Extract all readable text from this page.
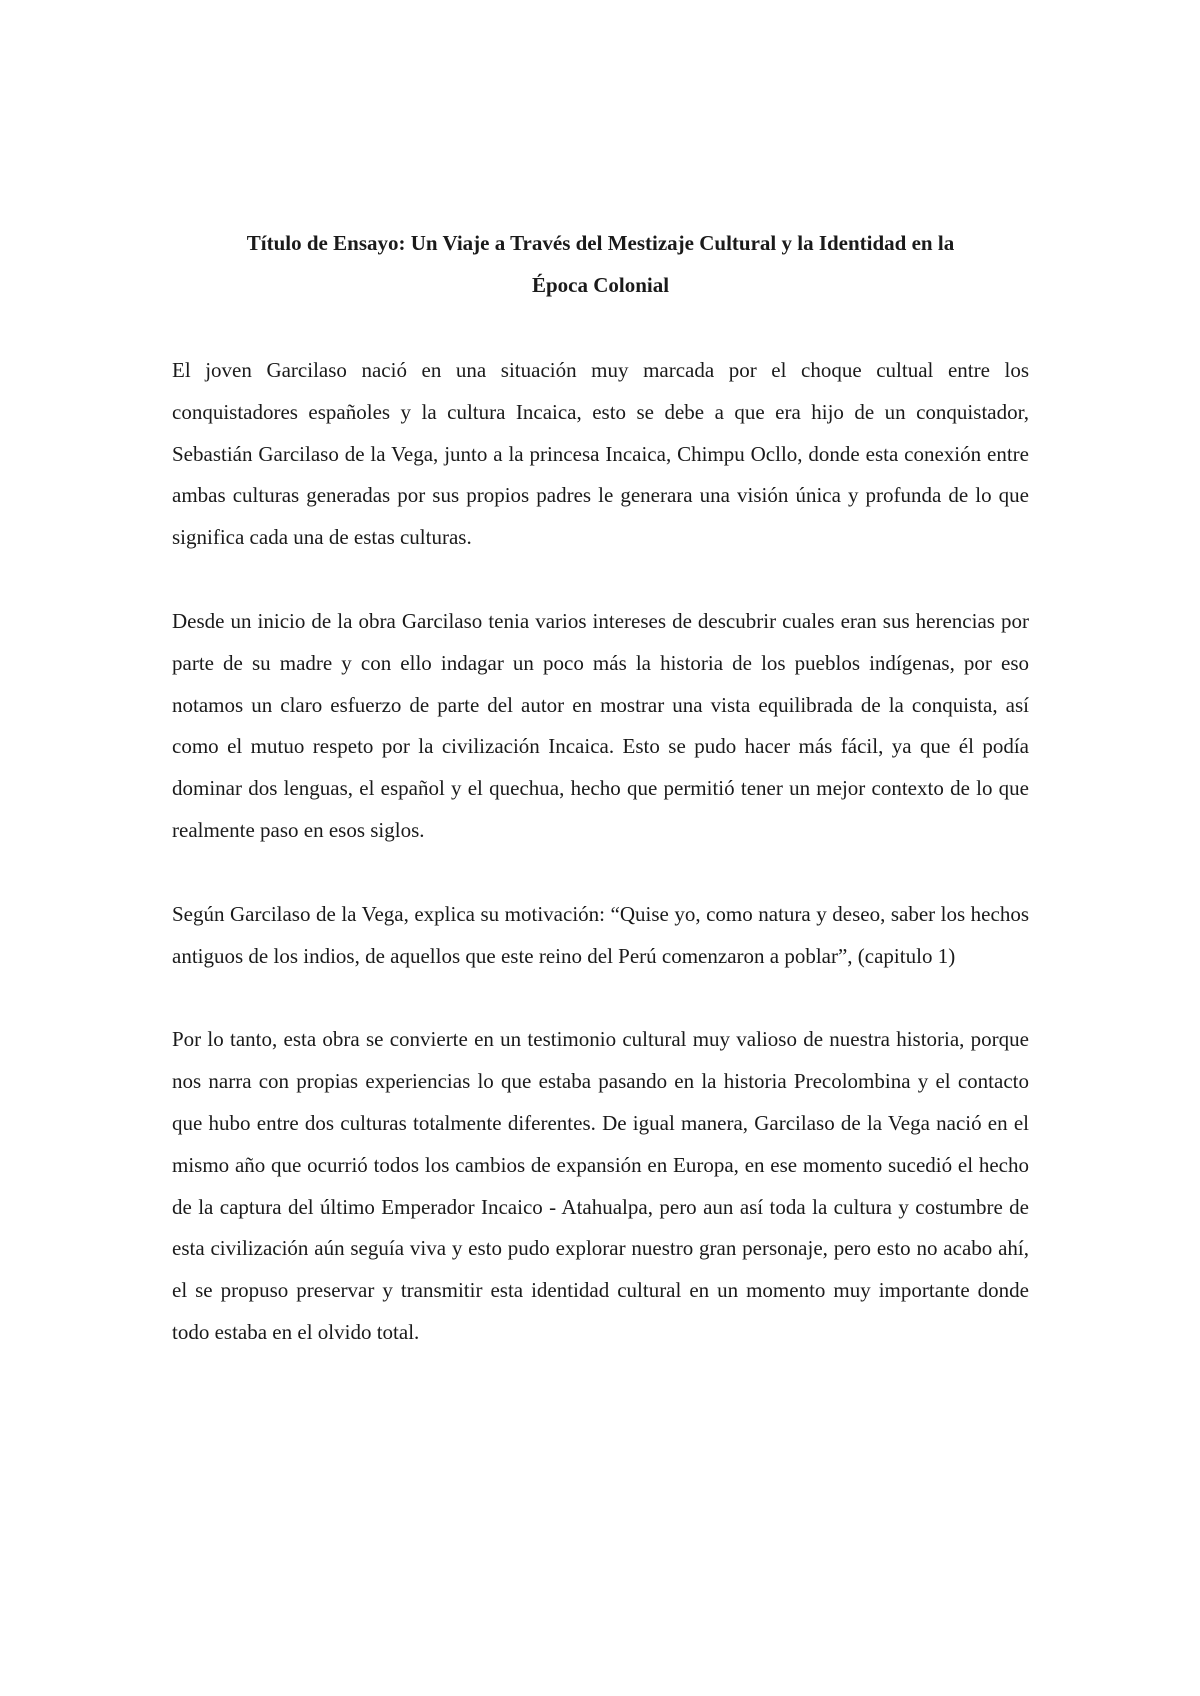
Título de Ensayo: Un Viaje a Través del Mestizaje Cultural y la Identidad en la
Época Colonial

El joven Garcilaso nació en una situación muy marcada por el choque cultual entre los conquistadores españoles y la cultura Incaica, esto se debe a que era hijo de un conquistador, Sebastián Garcilaso de la Vega, junto a la princesa Incaica, Chimpu Ocllo, donde esta conexión entre ambas culturas generadas por sus propios padres le generara una visión única y profunda de lo que significa cada una de estas culturas.

Desde un inicio de la obra Garcilaso tenia varios intereses de descubrir cuales eran sus herencias por parte de su madre y con ello indagar un poco más la historia de los pueblos indígenas, por eso notamos un claro esfuerzo de parte del autor en mostrar una vista equilibrada de la conquista, así como el mutuo respeto por la civilización Incaica. Esto se pudo hacer más fácil, ya que él podía dominar dos lenguas, el español y el quechua, hecho que permitió tener un mejor contexto de lo que realmente paso en esos siglos.

Según Garcilaso de la Vega, explica su motivación: “Quise yo, como natura y deseo, saber los hechos antiguos de los indios, de aquellos que este reino del Perú comenzaron a poblar”, (capitulo 1)

Por lo tanto, esta obra se convierte en un testimonio cultural muy valioso de nuestra historia, porque nos narra con propias experiencias lo que estaba pasando en la historia Precolombina y el contacto que hubo entre dos culturas totalmente diferentes. De igual manera, Garcilaso de la Vega nació en el mismo año que ocurrió todos los cambios de expansión en Europa, en ese momento sucedió el hecho de la captura del último Emperador Incaico - Atahualpa, pero aun así toda la cultura y costumbre de esta civilización aún seguía viva y esto pudo explorar nuestro gran personaje, pero esto no acabo ahí, el se propuso preservar y transmitir esta identidad cultural en un momento muy importante donde todo estaba en el olvido total.
